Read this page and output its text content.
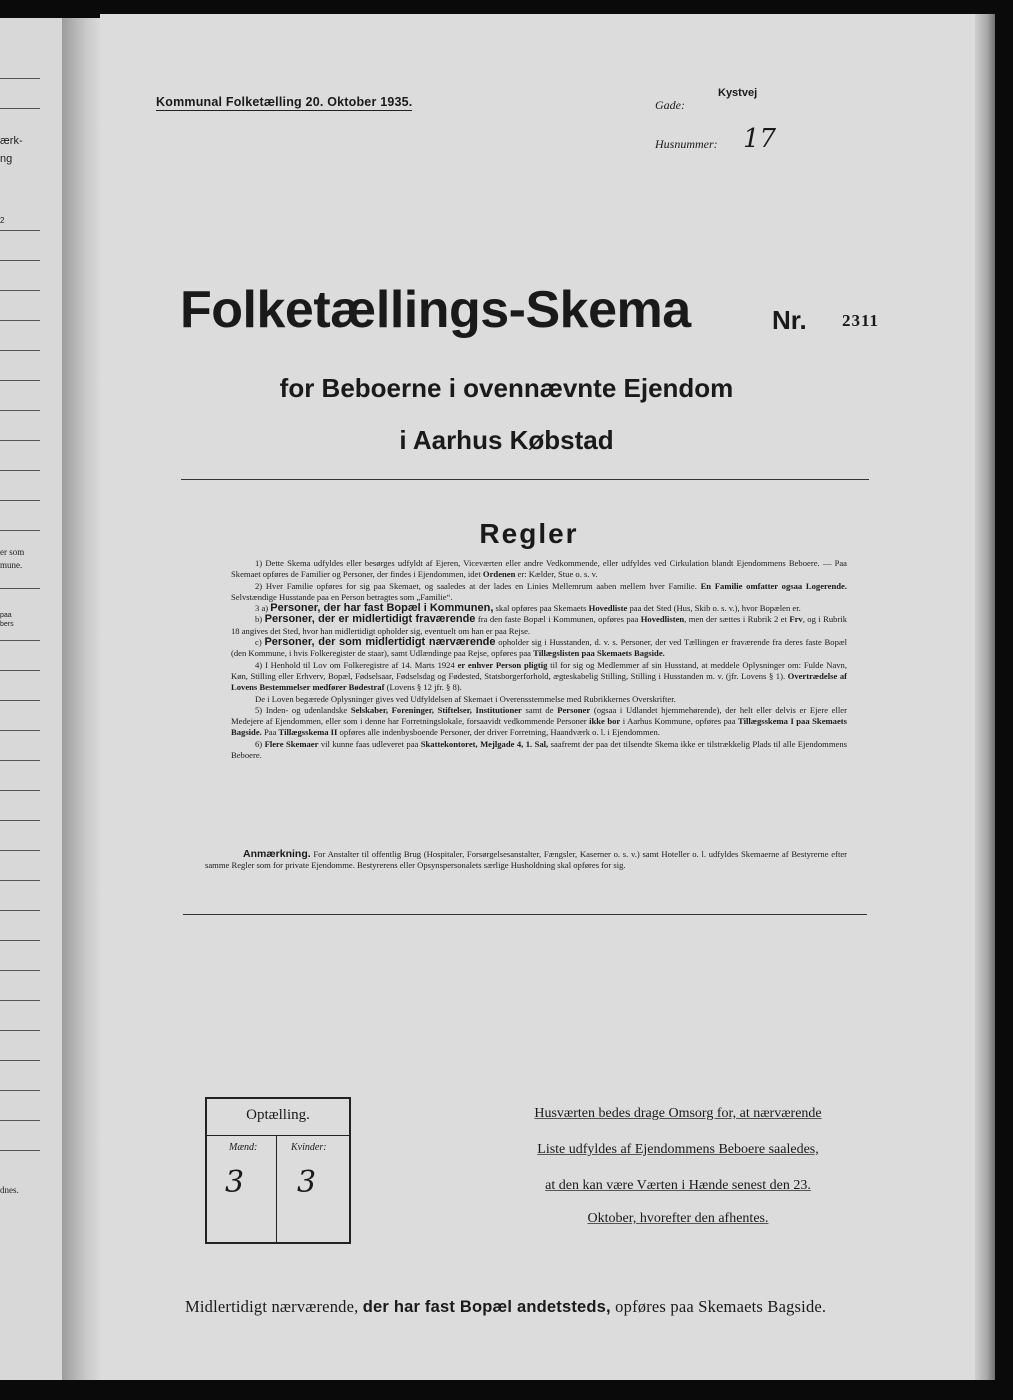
ærk-
ng
2
er som
mune.
paa
bers
dnes.
Kommunal Folketælling 20. Oktober 1935.	Gade:
Kystvej
Husnummer: 17
Folketællings-Skema	Nr. 2311
for Beboerne i ovennævnte Ejendom
i Aarhus Købstad
Regler

1) Dette Skema udfyldes eller besørges udfyldt af Ejeren, Viceværten eller andre Vedkommende, eller udfyldes ved Cirkulation blandt Ejendommens Beboere. — Paa Skemaet opføres de Familier og Personer, der findes i Ejendommen, idet Ordenen er: Kælder, Stue o. s. v.

2) Hver Familie opføres for sig paa Skemaet, og saaledes at der lades en Linies Mellemrum aaben mellem hver Familie. En Familie omfatter ogsaa Logerende. Selvstændige Husstande paa en Person betragtes som „Familie“.

3 a) Personer, der har fast Bopæl i Kommunen, skal opføres paa Skemaets Hovedliste paa det Sted (Hus, Skib o. s. v.), hvor Bopælen er.

b) Personer, der er midlertidigt fraværende fra den faste Bopæl i Kommunen, opføres paa Hovedlisten, men der sættes i Rubrik 2 et Frv, og i Rubrik 18 angives det Sted, hvor han midlertidigt opholder sig, eventuelt om han er paa Rejse.

c) Personer, der som midlertidigt nærværende opholder sig i Husstanden, d. v. s. Personer, der ved Tællingen er fraværende fra deres faste Bopæl (den Kommune, i hvis Folkeregister de staar), samt Udlændinge paa Rejse, opføres paa Tillægslisten paa Skemaets Bagside.

4) I Henhold til Lov om Folkeregistre af 14. Marts 1924 er enhver Person pligtig til for sig og Medlemmer af sin Husstand, at meddele Oplysninger om: Fulde Navn, Køn, Stilling eller Erhverv, Bopæl, Fødselsaar, Fødselsdag og Fødested, Statsborgerforhold, ægteskabelig Stilling, Stilling i Husstanden m. v. (jfr. Lovens § 1). Overtrædelse af Lovens Bestemmelser medfører Bødestraf (Lovens § 12 jfr. § 8).

De i Loven begærede Oplysninger gives ved Udfyldelsen af Skemaet i Overensstemmelse med Rubrikkernes Overskrifter.

5) Inden- og udenlandske Selskaber, Foreninger, Stiftelser, Institutioner samt de Personer (ogsaa i Udlandet hjemmehørende), der helt eller delvis er Ejere eller Medejere af Ejendommen, eller som i denne har Forretningslokale, forsaavidt vedkommende Personer ikke bor i Aarhus Kommune, opføres paa Tillægsskema I paa Skemaets Bagside. Paa Tillægsskema II opføres alle indenbysboende Personer, der driver Forretning, Haandværk o. l. i Ejendommen.

6) Flere Skemaer vil kunne faas udleveret paa Skattekontoret, Mejlgade 4, 1. Sal, saafremt der paa det tilsendte Skema ikke er tilstrækkelig Plads til alle Ejendommens Beboere.

Anmærkning. For Anstalter til offentlig Brug (Hospitaler, Forsørgelsesanstalter, Fængsler, Kaserner o. s. v.) samt Hoteller o. l. udfyldes Skemaerne af Bestyrerne efter samme Regler som for private Ejendomme. Bestyrerens eller Opsynspersonalets særlige Husholdning skal opføres for sig.
Optælling.
Mænd:	Kvinder:
3 3
Husværten bedes drage Omsorg for, at nærværende
Liste udfyldes af Ejendommens Beboere saaledes,
at den kan være Værten i Hænde senest den 23.
Oktober, hvorefter den afhentes.
Midlertidigt nærværende, der har fast Bopæl andetsteds, opføres paa Skemaets Bagside.
